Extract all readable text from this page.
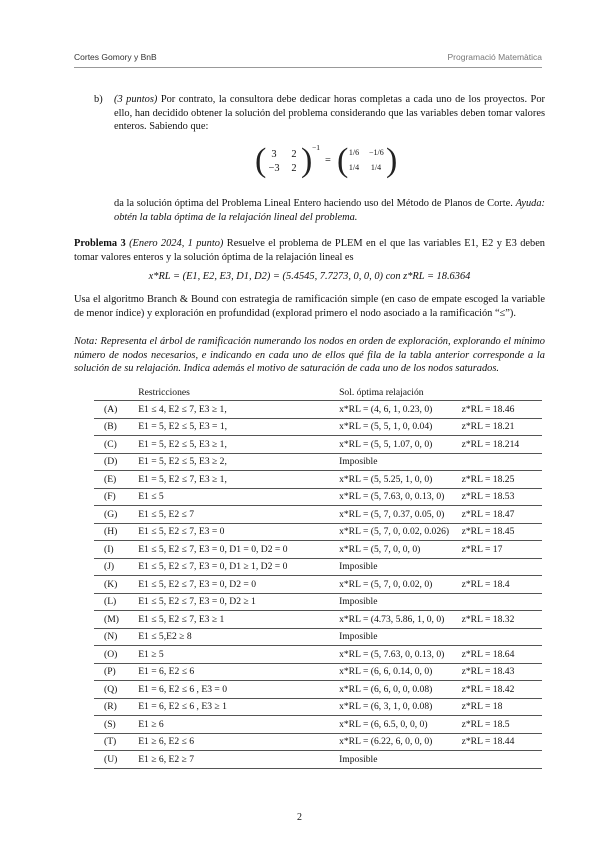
Cortes Gomory y BnB	Programació Matemàtica
b) (3 puntos) Por contrato, la consultora debe dedicar horas completas a cada uno de los proyectos. Por ello, han decidido obtener la solución del problema considerando que las variables deben tomar valores enteros. Sabiendo que:
( 3	2
−3	2 ) −1
= ( 1/6 −1/6
1/4 1/4 )
da la solución óptima del Problema Lineal Entero haciendo uso del Método de Planos de Corte. Ayuda: obtén la tabla óptima de la relajación lineal del problema.
Problema 3 (Enero 2024, 1 punto) Resuelve el problema de PLEM en el que las variables E1, E2 y E3 deben tomar valores enteros y la solución óptima de la relajación lineal es
x*RL = (E1, E2, E3, D1, D2) = (5.4545, 7.7273, 0, 0, 0) con z*RL = 18.6364
Usa el algoritmo Branch & Bound con estrategia de ramificación simple (en caso de empate escoged la variable de menor índice) y exploración en profundidad (explorad primero el nodo asociado a la ramificación “≤”).
Nota: Representa el árbol de ramificación numerando los nodos en orden de exploración, explorando el mínimo número de nodos necesarios, e indicando en cada uno de ellos qué fila de la tabla anterior corresponde a la solución de su relajación. Indica además el motivo de saturación de cada uno de los nodos saturados.
	Restricciones	Sol. óptima relajación	
(A)	E1 ≤ 4, E2 ≤ 7, E3 ≥ 1,	x*RL = (4, 6, 1, 0.23, 0)	z*RL = 18.46
(B)	E1 = 5, E2 ≤ 5, E3 = 1,	x*RL = (5, 5, 1, 0, 0.04)	z*RL = 18.21
(C)	E1 = 5, E2 ≤ 5, E3 ≥ 1,	x*RL = (5, 5, 1.07, 0, 0)	z*RL = 18.214
(D)	E1 = 5, E2 ≤ 5, E3 ≥ 2,	Imposible	
(E)	E1 = 5, E2 ≤ 7, E3 ≥ 1,	x*RL = (5, 5.25, 1, 0, 0)	z*RL = 18.25
(F)	E1 ≤ 5	x*RL = (5, 7.63, 0, 0.13, 0)	z*RL = 18.53
(G)	E1 ≤ 5, E2 ≤ 7	x*RL = (5, 7, 0.37, 0.05, 0)	z*RL = 18.47
(H)	E1 ≤ 5, E2 ≤ 7, E3 = 0	x*RL = (5, 7, 0, 0.02, 0.026)	z*RL = 18.45
(I)	E1 ≤ 5, E2 ≤ 7, E3 = 0, D1 = 0, D2 = 0	x*RL = (5, 7, 0, 0, 0)	z*RL = 17
(J)	E1 ≤ 5, E2 ≤ 7, E3 = 0, D1 ≥ 1, D2 = 0	Imposible	
(K)	E1 ≤ 5, E2 ≤ 7, E3 = 0, D2 = 0	x*RL = (5, 7, 0, 0.02, 0)	z*RL = 18.4
(L)	E1 ≤ 5, E2 ≤ 7, E3 = 0, D2 ≥ 1	Imposible	
(M)	E1 ≤ 5, E2 ≤ 7, E3 ≥ 1	x*RL = (4.73, 5.86, 1, 0, 0)	z*RL = 18.32
(N)	E1 ≤ 5,E2 ≥ 8	Imposible	
(O)	E1 ≥ 5	x*RL = (5, 7.63, 0, 0.13, 0)	z*RL = 18.64
(P)	E1 = 6, E2 ≤ 6	x*RL = (6, 6, 0.14, 0, 0)	z*RL = 18.43
(Q)	E1 = 6, E2 ≤ 6 , E3 = 0	x*RL = (6, 6, 0, 0, 0.08)	z*RL = 18.42
(R)	E1 = 6, E2 ≤ 6 , E3 ≥ 1	x*RL = (6, 3, 1, 0, 0.08)	z*RL = 18
(S)	E1 ≥ 6	x*RL = (6, 6.5, 0, 0, 0)	z*RL = 18.5
(T)	E1 ≥ 6, E2 ≤ 6	x*RL = (6.22, 6, 0, 0, 0)	z*RL = 18.44
(U)	E1 ≥ 6, E2 ≥ 7	Imposible	
2
